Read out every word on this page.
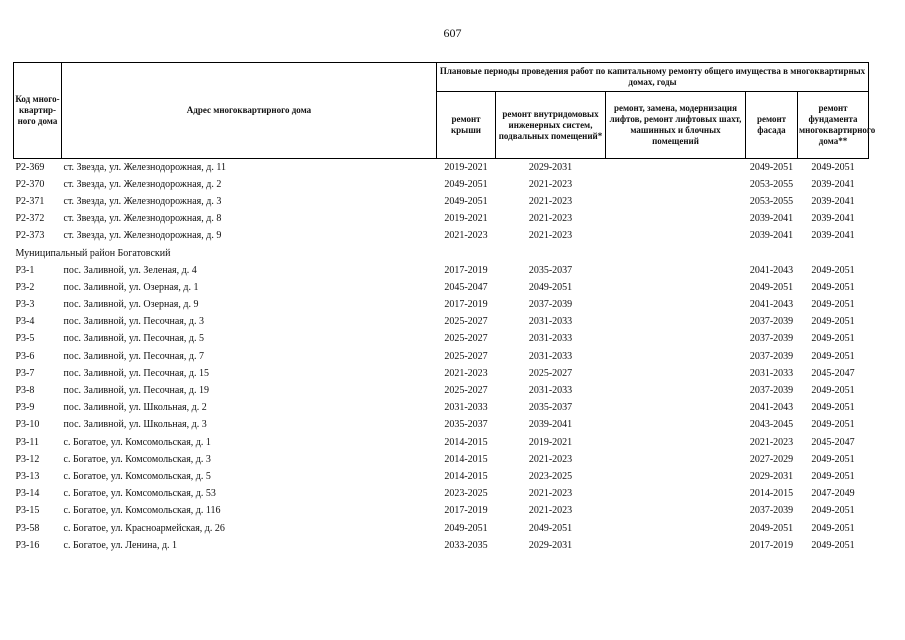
607
Код много-квартир-ного дома	Адрес многоквартирного дома	Плановые периоды проведения работ по капитальному ремонту общего имущества в многоквартирных домах, годы				
		ремонт крыши	ремонт внутридомовых инженерных систем, подвальных помещений*	ремонт, замена, модернизация лифтов, ремонт лифтовых шахт, машинных и блочных помещений	ремонт фасада	ремонт фундамента многоквартирного дома**
Р2-369	ст. Звезда, ул. Железнодорожная, д. 11	2019-2021	2029-2031		2049-2051	2049-2051
Р2-370	ст. Звезда, ул. Железнодорожная, д. 2	2049-2051	2021-2023		2053-2055	2039-2041
Р2-371	ст. Звезда, ул. Железнодорожная, д. 3	2049-2051	2021-2023		2053-2055	2039-2041
Р2-372	ст. Звезда, ул. Железнодорожная, д. 8	2019-2021	2021-2023		2039-2041	2039-2041
Р2-373	ст. Звезда, ул. Железнодорожная, д. 9	2021-2023	2021-2023		2039-2041	2039-2041
Муниципальный район Богатовский						
Р3-1	пос. Заливной, ул. Зеленая, д. 4	2017-2019	2035-2037		2041-2043	2049-2051
Р3-2	пос. Заливной, ул. Озерная, д. 1	2045-2047	2049-2051		2049-2051	2049-2051
Р3-3	пос. Заливной, ул. Озерная, д. 9	2017-2019	2037-2039		2041-2043	2049-2051
Р3-4	пос. Заливной, ул. Песочная, д. 3	2025-2027	2031-2033		2037-2039	2049-2051
Р3-5	пос. Заливной, ул. Песочная, д. 5	2025-2027	2031-2033		2037-2039	2049-2051
Р3-6	пос. Заливной, ул. Песочная, д. 7	2025-2027	2031-2033		2037-2039	2049-2051
Р3-7	пос. Заливной, ул. Песочная, д. 15	2021-2023	2025-2027		2031-2033	2045-2047
Р3-8	пос. Заливной, ул. Песочная, д. 19	2025-2027	2031-2033		2037-2039	2049-2051
Р3-9	пос. Заливной, ул. Школьная, д. 2	2031-2033	2035-2037		2041-2043	2049-2051
Р3-10	пос. Заливной, ул. Школьная, д. 3	2035-2037	2039-2041		2043-2045	2049-2051
Р3-11	с. Богатое, ул. Комсомольская, д. 1	2014-2015	2019-2021		2021-2023	2045-2047
Р3-12	с. Богатое, ул. Комсомольская, д. 3	2014-2015	2021-2023		2027-2029	2049-2051
Р3-13	с. Богатое, ул. Комсомольская, д. 5	2014-2015	2023-2025		2029-2031	2049-2051
Р3-14	с. Богатое, ул. Комсомольская, д. 53	2023-2025	2021-2023		2014-2015	2047-2049
Р3-15	с. Богатое, ул. Комсомольская, д. 116	2017-2019	2021-2023		2037-2039	2049-2051
Р3-58	с. Богатое, ул. Красноармейская, д. 26	2049-2051	2049-2051		2049-2051	2049-2051
Р3-16	с. Богатое, ул. Ленина, д. 1	2033-2035	2029-2031		2017-2019	2049-2051
